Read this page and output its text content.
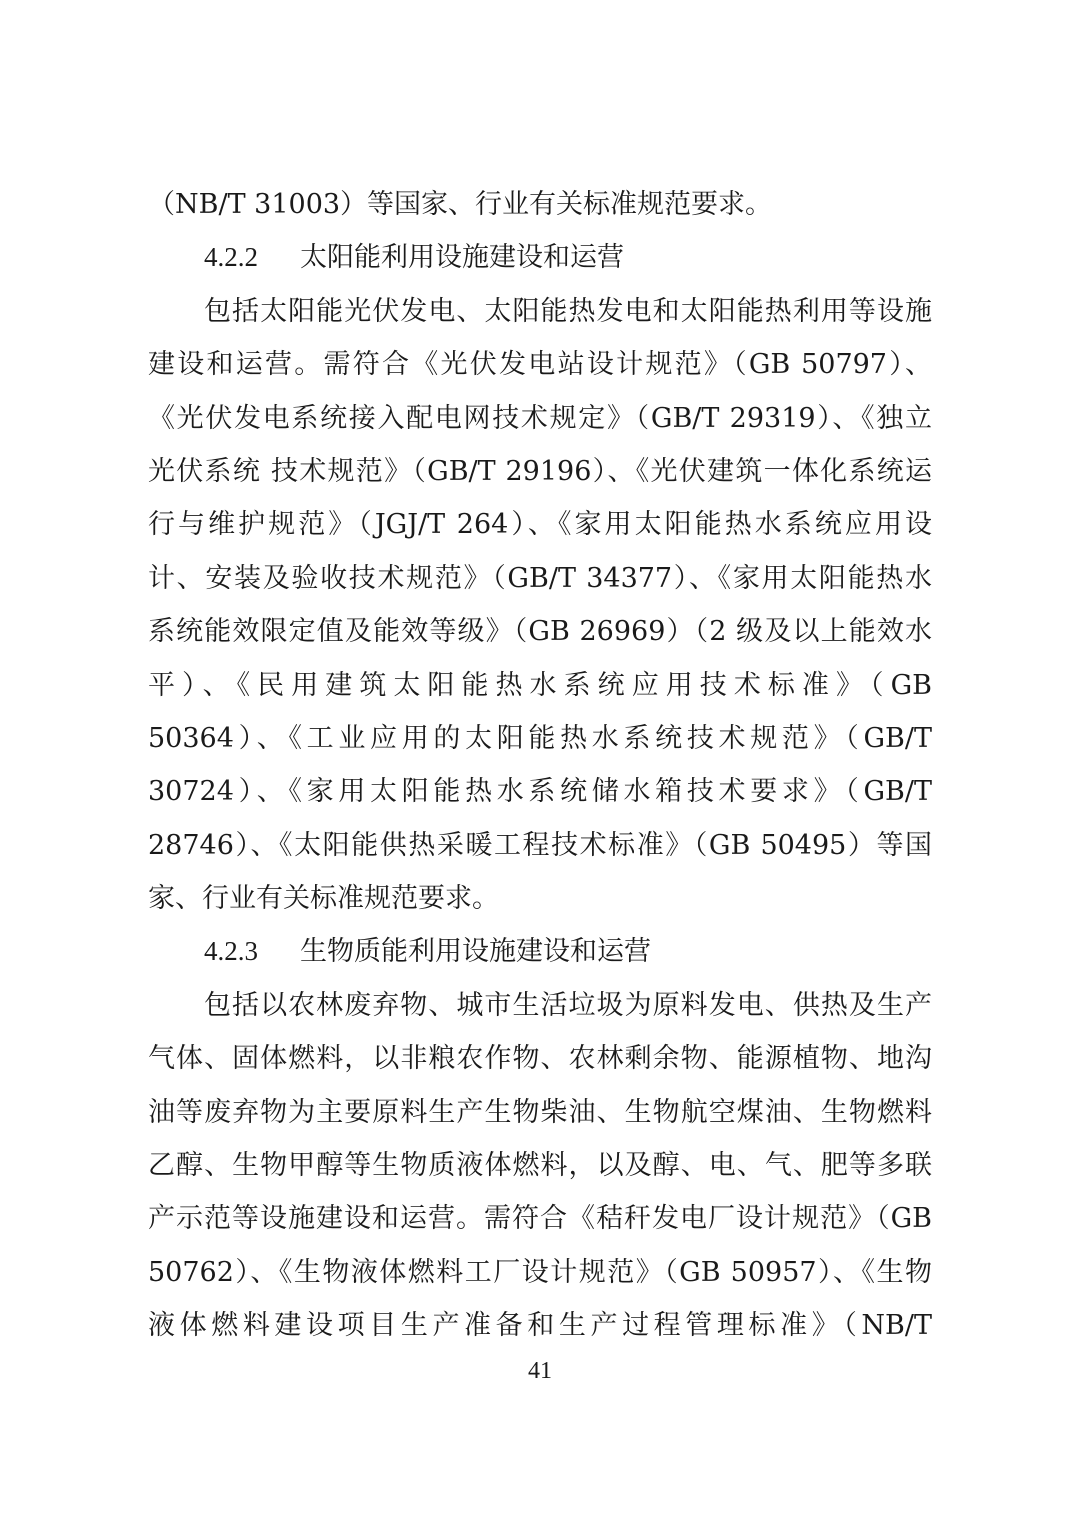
（NB/T 31003）等国家、行业有关标准规范要求。
4.2.2 太阳能利用设施建设和运营
包括太阳能光伏发电、太阳能热发电和太阳能热利用等设施
建设和运营。需符合《光伏发电站设计规范》（GB 50797）、
《光伏发电系统接入配电网技术规定》（GB/T 29319）、《独立
光伏系统 技术规范》（GB/T 29196）、《光伏建筑一体化系统运
行与维护规范》（JGJ/T 264）、《家用太阳能热水系统应用设
计、安装及验收技术规范》（GB/T 34377）、《家用太阳能热水
系统能效限定值及能效等级》（GB 26969）（2 级及以上能效水
平）、《民用建筑太阳能热水系统应用技术标准》（GB
50364）、《工业应用的太阳能热水系统技术规范》（GB/T
30724）、《家用太阳能热水系统储水箱技术要求》（GB/T
28746）、《太阳能供热采暖工程技术标准》（GB 50495）等国
家、行业有关标准规范要求。
4.2.3 生物质能利用设施建设和运营
包括以农林废弃物、城市生活垃圾为原料发电、供热及生产
气体、固体燃料，以非粮农作物、农林剩余物、能源植物、地沟
油等废弃物为主要原料生产生物柴油、生物航空煤油、生物燃料
乙醇、生物甲醇等生物质液体燃料，以及醇、电、气、肥等多联
产示范等设施建设和运营。需符合《秸秆发电厂设计规范》（GB
50762）、《生物液体燃料工厂设计规范》（GB 50957）、《生物
液体燃料建设项目生产准备和生产过程管理标准》（NB/T
41
